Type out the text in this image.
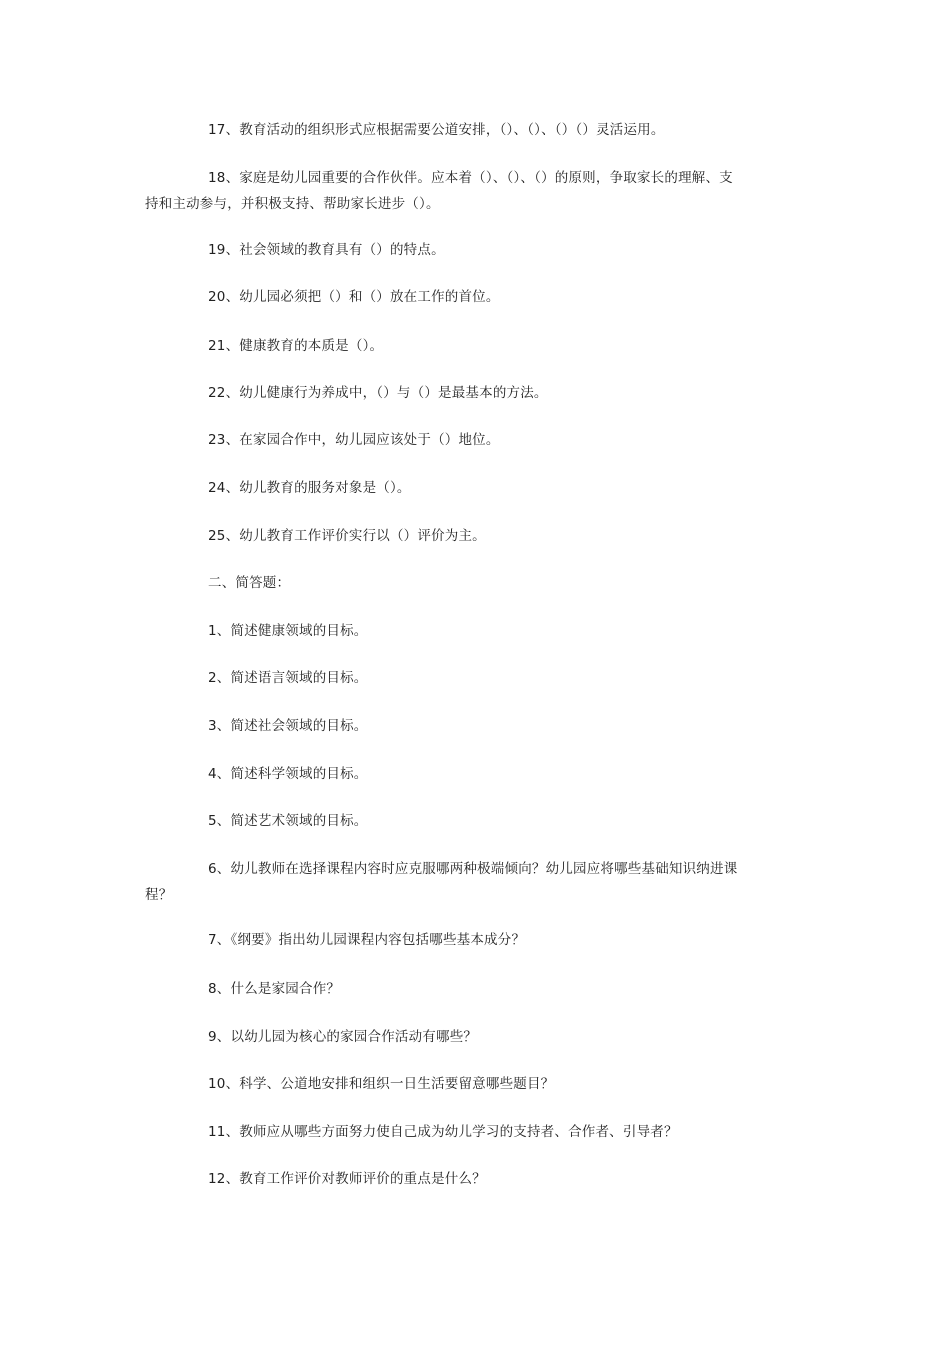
17、教育活动的组织形式应根据需要公道安排，（）、（）、（）（）灵活运用。

18、家庭是幼儿园重要的合作伙伴。应本着（）、（）、（）的原则，争取家长的理解、支持和主动参与，并积极支持、帮助家长进步（）。

19、社会领域的教育具有（）的特点。

20、幼儿园必须把（）和（）放在工作的首位。

21、健康教育的本质是（）。

22、幼儿健康行为养成中，（）与（）是最基本的方法。

23、在家园合作中，幼儿园应该处于（）地位。

24、幼儿教育的服务对象是（）。

25、幼儿教育工作评价实行以（）评价为主。

二、简答题：

1、简述健康领域的目标。

2、简述语言领域的目标。

3、简述社会领域的目标。

4、简述科学领域的目标。

5、简述艺术领域的目标。

6、幼儿教师在选择课程内容时应克服哪两种极端倾向？幼儿园应将哪些基础知识纳进课程？

7、《纲要》指出幼儿园课程内容包括哪些基本成分？

8、什么是家园合作？

9、以幼儿园为核心的家园合作活动有哪些？

10、科学、公道地安排和组织一日生活要留意哪些题目？

11、教师应从哪些方面努力使自己成为幼儿学习的支持者、合作者、引导者？

12、教育工作评价对教师评价的重点是什么？
